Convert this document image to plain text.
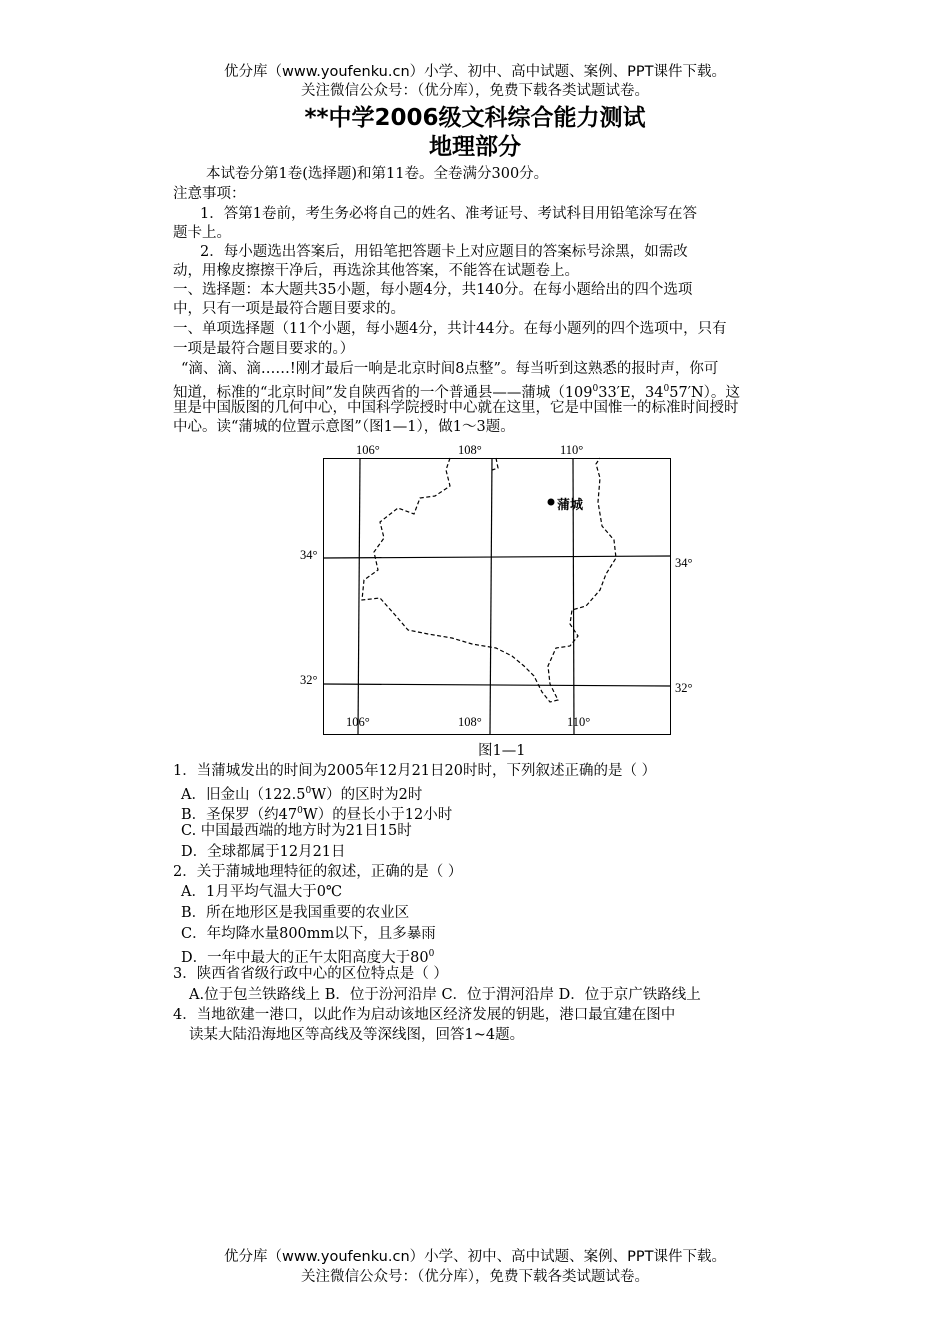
优分库（www.youfenku.cn）小学、初中、高中试题、案例、PPT课件下载。
关注微信公众号：（优分库），免费下载各类试题试卷。
**中学2006级文科综合能力测试
地理部分
本试卷分第1卷(选择题)和第11卷。全卷满分300分。
注意事项：
1．答第1卷前，考生务必将自己的姓名、准考证号、考试科目用铅笔涂写在答
题卡上。
2．每小题选出答案后，用铅笔把答题卡上对应题目的答案标号涂黑，如需改
动，用橡皮擦擦干净后，再选涂其他答案，不能答在试题卷上。
一、选择题：本大题共35小题，每小题4分，共140分。在每小题给出的四个选项
中，只有一项是最符合题目要求的。
一、单项选择题（11个小题，每小题4分，共计44分。在每小题列的四个选项中，只有
一项是最符合题目要求的。）
“滴、滴、滴……!刚才最后一响是北京时间8点整”。每当听到这熟悉的报时声，你可
知道，标准的“北京时间”发自陕西省的一个普通县——蒲城（$109^033'E$，$34^057'N$）。这
里是中国版图的几何中心，中国科学院授时中心就在这里，它是中国惟一的标准时间授时
中心。读“蒲城的位置示意图”（图1—1），做1～3题。
106°	108°	110°
106°	108°	110°
34°
34°
32°
32°
蒲城
图1—1
1．当蒲城发出的时间为2005年12月21日20时时，下列叙述正确的是（ ）
A．旧金山（122.5$^0$W）的区时为2时
B．圣保罗（约$47^0W$）的昼长小于12小时
C. 中国最西端的地方时为21日15时
D．全球都属于12月21日
2．关于蒲城地理特征的叙述，正确的是（ ）
A．1月平均气温大于0℃
B．所在地形区是我国重要的农业区
C．年均降水量800mm以下，且多暴雨
D．一年中最大的正午太阳高度大于$80^0$
3．陕西省省级行政中心的区位特点是（ ）
A.位于包兰铁路线上 B．位于汾河沿岸 C．位于渭河沿岸 D．位于京广铁路线上
4．当地欲建一港口，以此作为启动该地区经济发展的钥匙，港口最宜建在图中
读某大陆沿海地区等高线及等深线图，回答1~4题。
优分库（www.youfenku.cn）小学、初中、高中试题、案例、PPT课件下载。
关注微信公众号：（优分库），免费下载各类试题试卷。
